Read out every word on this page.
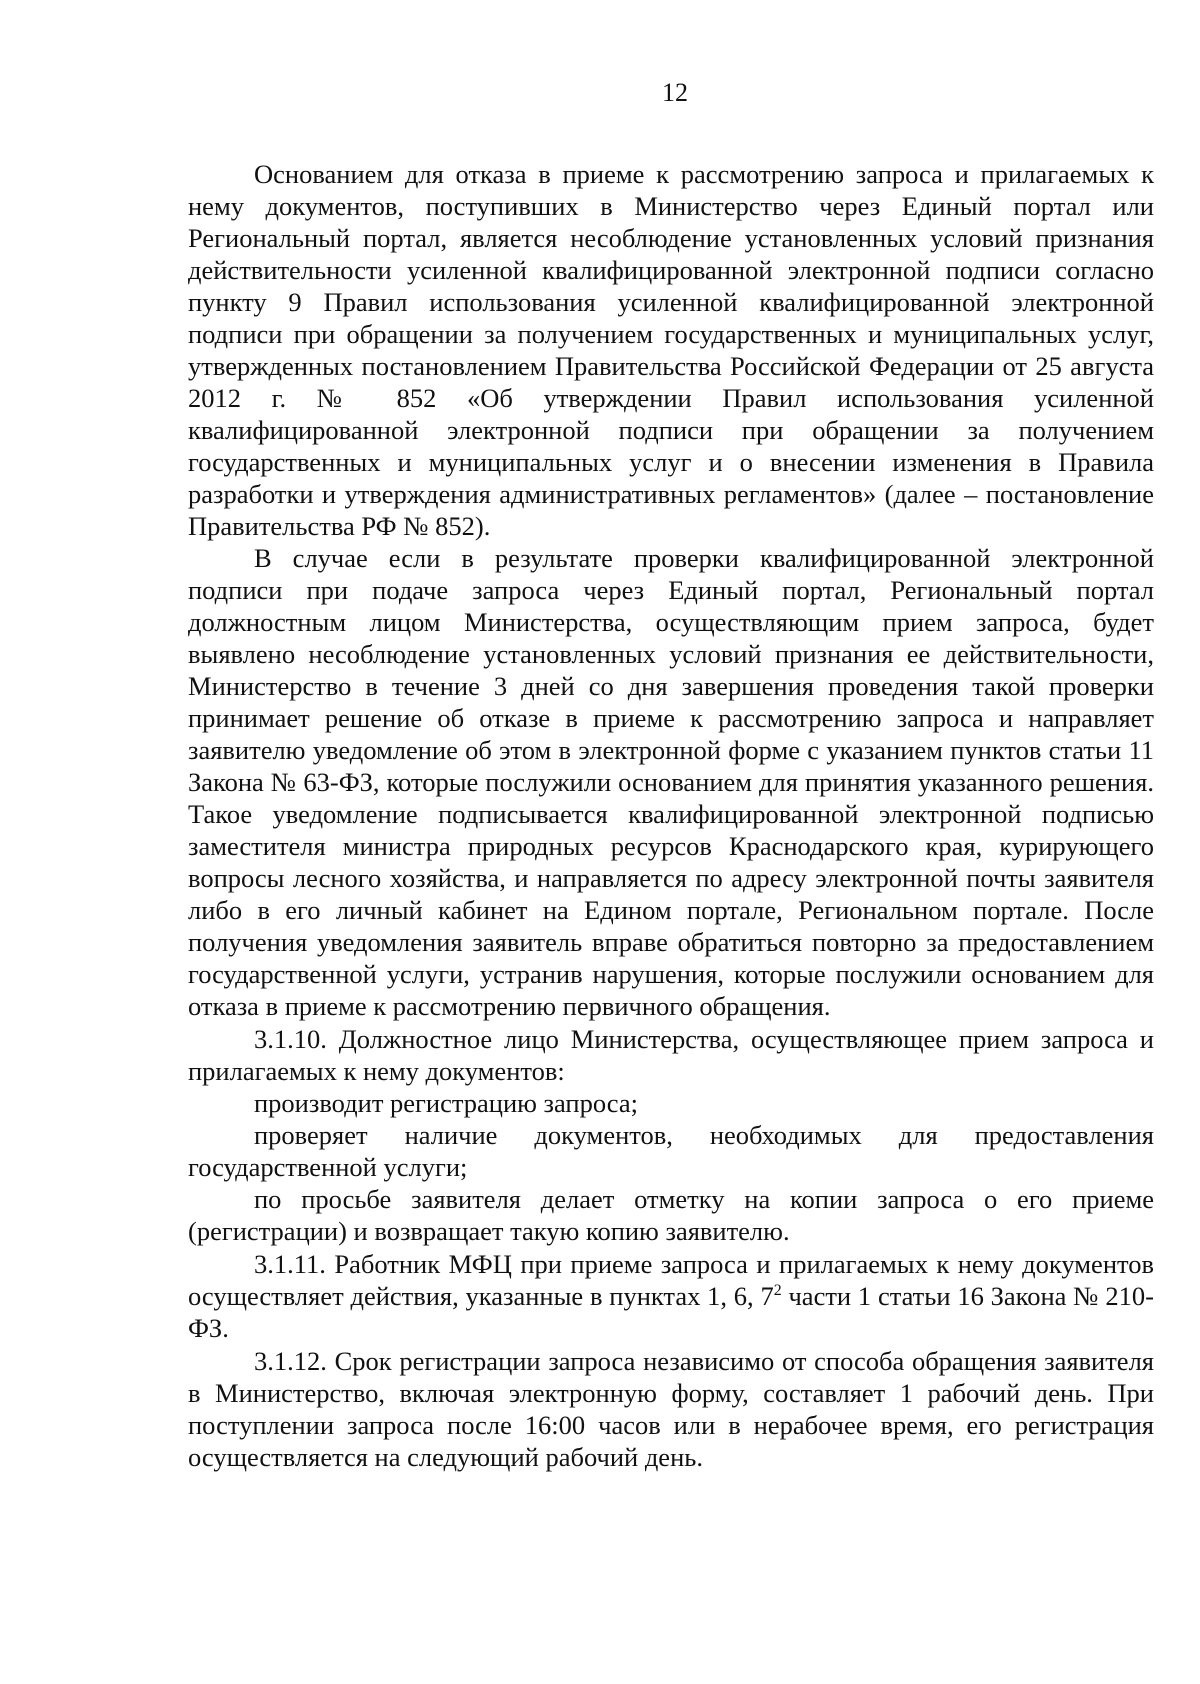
12

Основанием для отказа в приеме к рассмотрению запроса и прилагаемых к нему документов, поступивших в Министерство через Единый портал или Региональный портал, является несоблюдение установленных условий признания действительности усиленной квалифицированной электронной подписи согласно пункту 9 Правил использования усиленной квалифицированной электронной подписи при обращении за получением государственных и муниципальных услуг, утвержденных постановлением Правительства Российской Федерации от 25 августа 2012 г. № 852 «Об утверждении Правил использования усиленной квалифицированной электронной подписи при обращении за получением государственных и муниципальных услуг и о внесении изменения в Правила разработки и утверждения административных регламентов» (далее – постановление Правительства РФ № 852).

В случае если в результате проверки квалифицированной электронной подписи при подаче запроса через Единый портал, Региональный портал должностным лицом Министерства, осуществляющим прием запроса, будет выявлено несоблюдение установленных условий признания ее действительности, Министерство в течение 3 дней со дня завершения проведения такой проверки принимает решение об отказе в приеме к рассмотрению запроса и направляет заявителю уведомление об этом в электронной форме с указанием пунктов статьи 11 Закона № 63-ФЗ, которые послужили основанием для принятия указанного решения. Такое уведомление подписывается квалифицированной электронной подписью заместителя министра природных ресурсов Краснодарского края, курирующего вопросы лесного хозяйства, и направляется по адресу электронной почты заявителя либо в его личный кабинет на Едином портале, Региональном портале. После получения уведомления заявитель вправе обратиться повторно за предоставлением государственной услуги, устранив нарушения, которые послужили основанием для отказа в приеме к рассмотрению первичного обращения.

3.1.10. Должностное лицо Министерства, осуществляющее прием запроса и прилагаемых к нему документов:

производит регистрацию запроса;

проверяет наличие документов, необходимых для предоставления государственной услуги;

по просьбе заявителя делает отметку на копии запроса о его приеме (регистрации) и возвращает такую копию заявителю.

3.1.11. Работник МФЦ при приеме запроса и прилагаемых к нему документов осуществляет действия, указанные в пунктах 1, 6, $7^2$ части 1 статьи 16 Закона № 210-ФЗ.

3.1.12. Срок регистрации запроса независимо от способа обращения заявителя в Министерство, включая электронную форму, составляет 1 рабочий день. При поступлении запроса после 16:00 часов или в нерабочее время, его регистрация осуществляется на следующий рабочий день.
